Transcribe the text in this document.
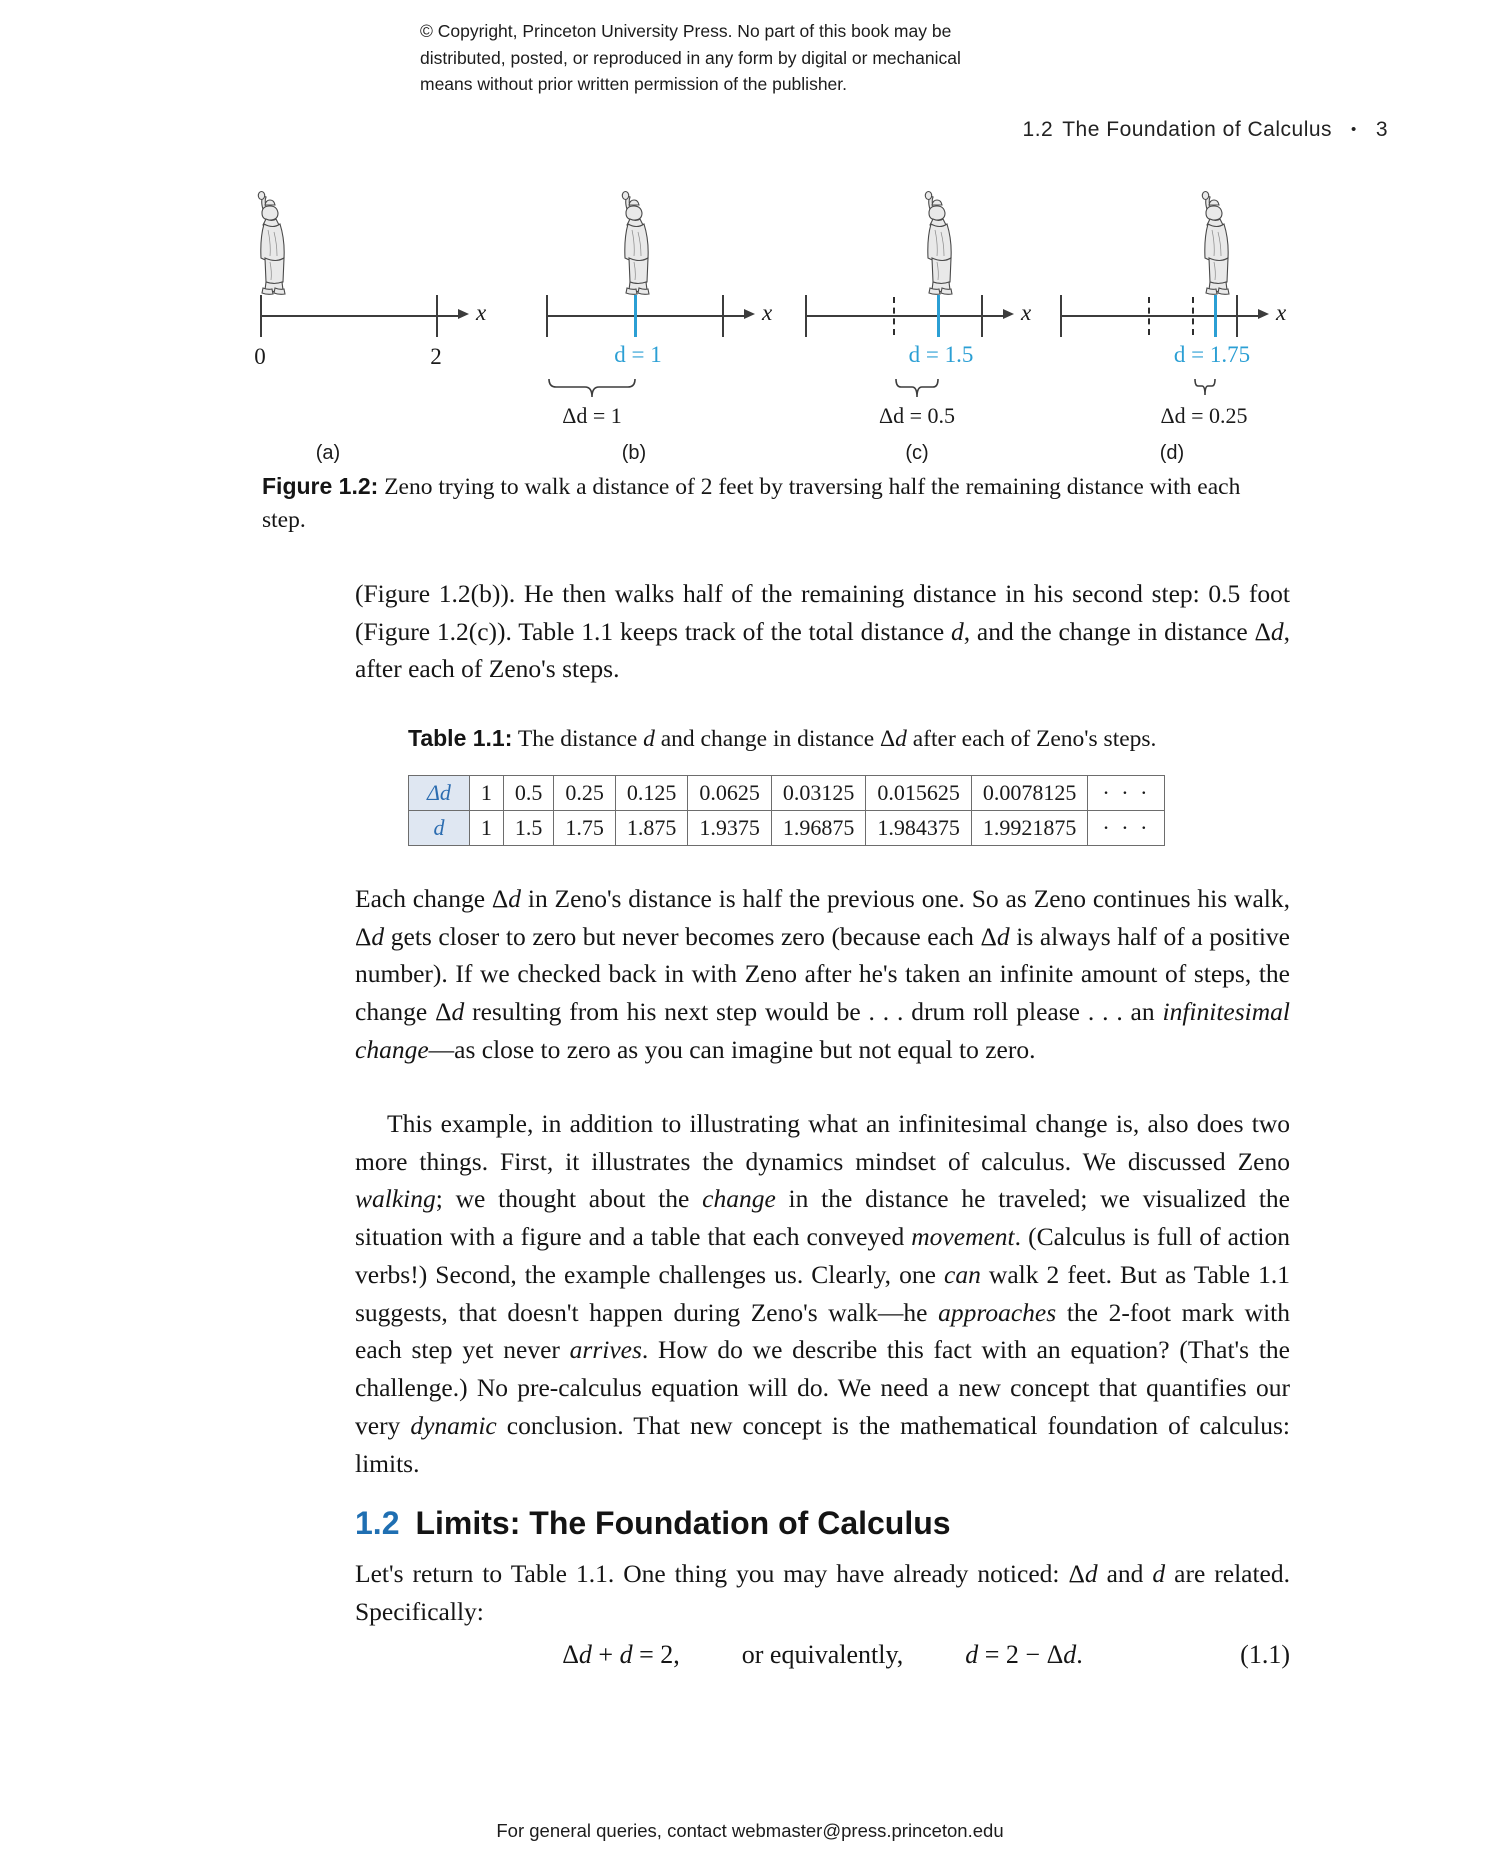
© Copyright, Princeton University Press. No part of this book may be
distributed, posted, or reproduced in any form by digital or mechanical
means without prior written permission of the publisher.
1.2 The Foundation of Calculus • 3
x
0	2
(a)
x
d = 1
Δd = 1
(b)
x
d = 1.5
Δd = 0.5
(c)
x
d = 1.75
Δd = 0.25
(d)
Figure 1.2: Zeno trying to walk a distance of 2 feet by traversing half the remaining distance with each step.
(Figure 1.2(b)). He then walks half of the remaining distance in his second step: 0.5 foot (Figure 1.2(c)). Table 1.1 keeps track of the total distance d, and the change in distance Δd, after each of Zeno's steps.
Table 1.1: The distance d and change in distance Δd after each of Zeno's steps.
Δd	1	0.5	0.25	0.125	0.0625	0.03125	0.015625	0.0078125	· · ·
d	1	1.5	1.75	1.875	1.9375	1.96875	1.984375	1.9921875	· · ·
Each change Δd in Zeno's distance is half the previous one. So as Zeno continues his walk, Δd gets closer to zero but never becomes zero (because each Δd is always half of a positive number). If we checked back in with Zeno after he's taken an infinite amount of steps, the change Δd resulting from his next step would be . . . drum roll please . . . an infinitesimal change—as close to zero as you can imagine but not equal to zero.
This example, in addition to illustrating what an infinitesimal change is, also does two more things. First, it illustrates the dynamics mindset of calculus. We discussed Zeno walking; we thought about the change in the distance he traveled; we visualized the situation with a figure and a table that each conveyed movement. (Calculus is full of action verbs!) Second, the example challenges us. Clearly, one can walk 2 feet. But as Table 1.1 suggests, that doesn't happen during Zeno's walk—he approaches the 2-foot mark with each step yet never arrives. How do we describe this fact with an equation? (That's the challenge.) No pre-calculus equation will do. We need a new concept that quantifies our very dynamic conclusion. That new concept is the mathematical foundation of calculus: limits.
1.2 Limits: The Foundation of Calculus
Let's return to Table 1.1. One thing you may have already noticed: Δd and d are related. Specifically:
Δd + d = 2, or equivalently, d = 2 − Δd.	(1.1)
For general queries, contact webmaster@press.princeton.edu
